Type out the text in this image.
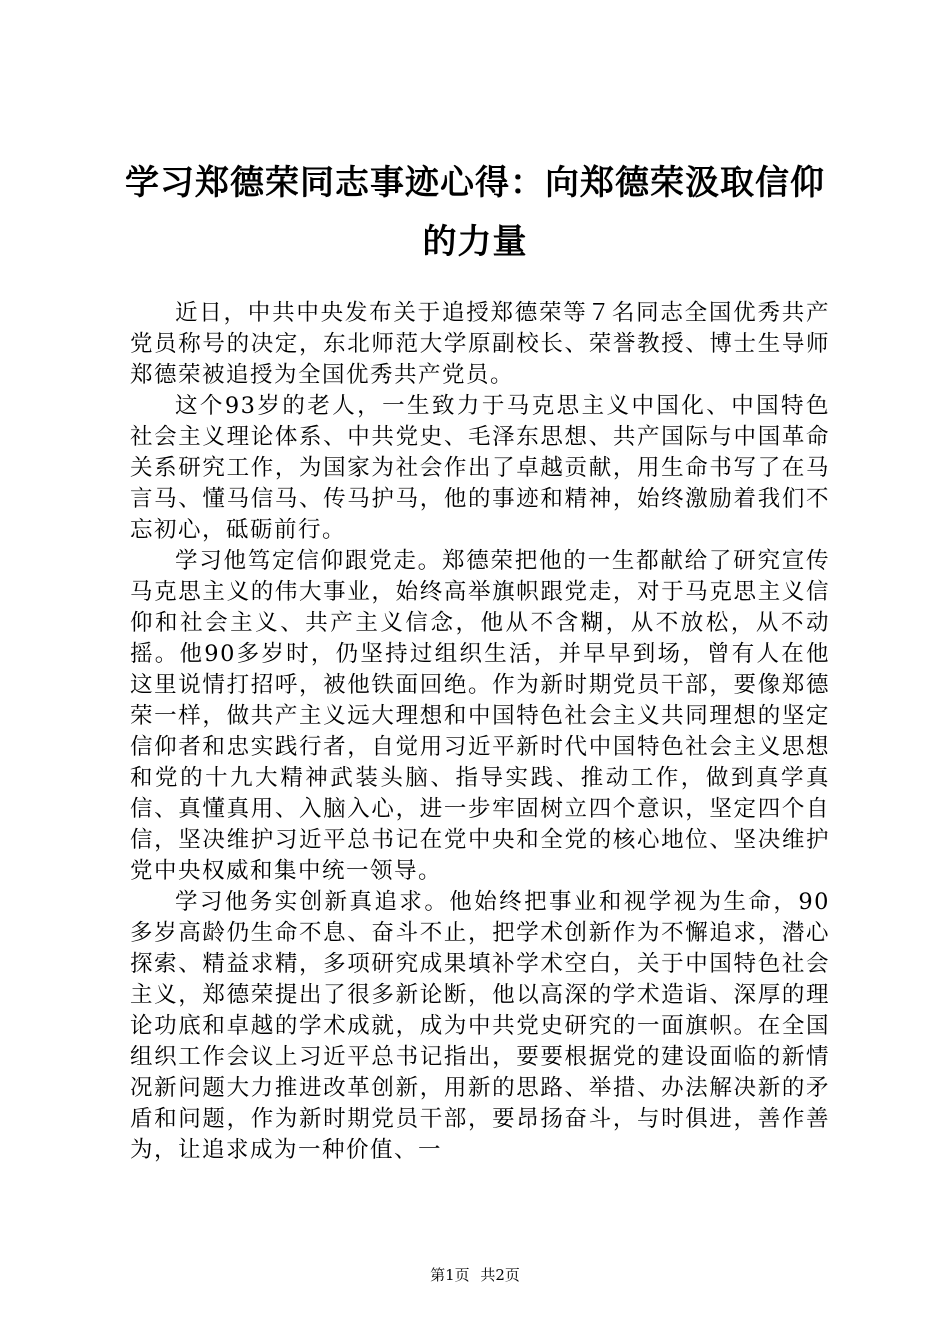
学习郑德荣同志事迹心得：向郑德荣汲取信仰
的力量

近日，中共中央发布关于追授郑德荣等７名同志全国优秀共产党员称号的决定，东北师范大学原副校长、荣誉教授、博士生导师郑德荣被追授为全国优秀共产党员。

这个93岁的老人，一生致力于马克思主义中国化、中国特色社会主义理论体系、中共党史、毛泽东思想、共产国际与中国革命关系研究工作，为国家为社会作出了卓越贡献，用生命书写了在马言马、懂马信马、传马护马，他的事迹和精神，始终激励着我们不忘初心，砥砺前行。

学习他笃定信仰跟党走。郑德荣把他的一生都献给了研究宣传马克思主义的伟大事业，始终高举旗帜跟党走，对于马克思主义信仰和社会主义、共产主义信念，他从不含糊，从不放松，从不动摇。他90多岁时，仍坚持过组织生活，并早早到场，曾有人在他这里说情打招呼，被他铁面回绝。作为新时期党员干部，要像郑德荣一样，做共产主义远大理想和中国特色社会主义共同理想的坚定信仰者和忠实践行者，自觉用习近平新时代中国特色社会主义思想和党的十九大精神武装头脑、指导实践、推动工作，做到真学真信、真懂真用、入脑入心，进一步牢固树立四个意识，坚定四个自信，坚决维护习近平总书记在党中央和全党的核心地位、坚决维护党中央权威和集中统一领导。

学习他务实创新真追求。他始终把事业和视学视为生命，90多岁高龄仍生命不息、奋斗不止，把学术创新作为不懈追求，潜心探索、精益求精，多项研究成果填补学术空白，关于中国特色社会主义，郑德荣提出了很多新论断，他以高深的学术造诣、深厚的理论功底和卓越的学术成就，成为中共党史研究的一面旗帜。在全国组织工作会议上习近平总书记指出，要要根据党的建设面临的新情况新问题大力推进改革创新，用新的思路、举措、办法解决新的矛盾和问题，作为新时期党员干部，要昂扬奋斗，与时俱进，善作善为，让追求成为一种价值、一

第1页 共2页
